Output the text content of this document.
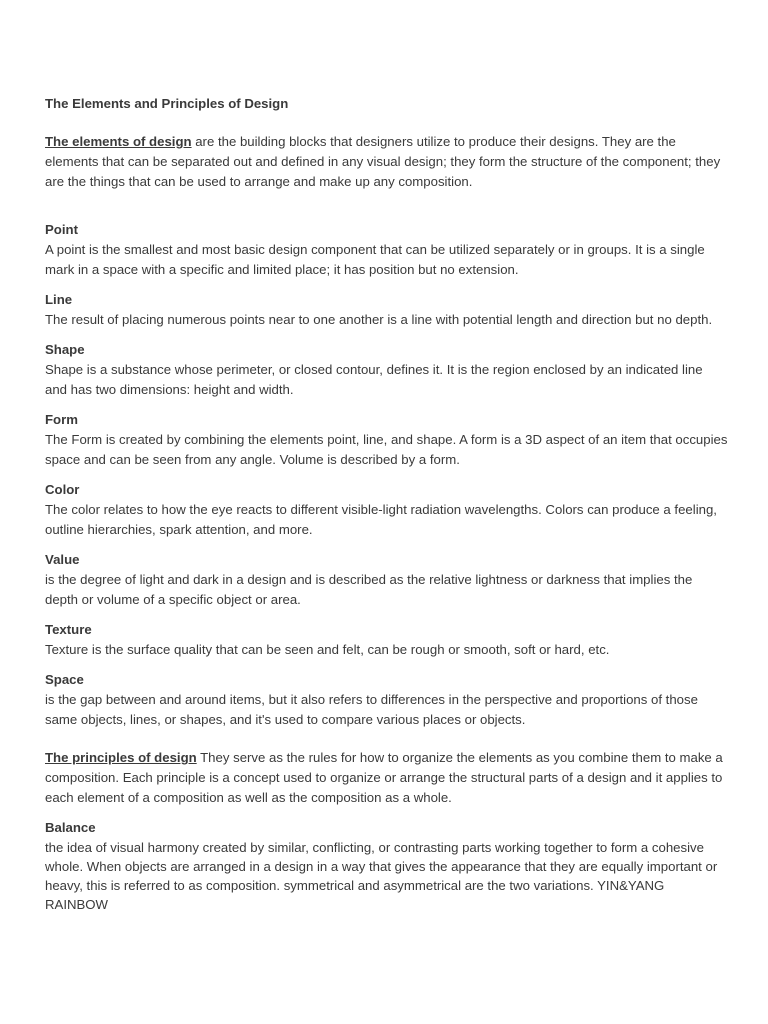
The Elements and Principles of Design

The elements of design are the building blocks that designers utilize to produce their designs. They are the elements that can be separated out and defined in any visual design; they form the structure of the component; they are the things that can be used to arrange and make up any composition.

Point

A point is the smallest and most basic design component that can be utilized separately or in groups. It is a single mark in a space with a specific and limited place; it has position but no extension.

Line

The result of placing numerous points near to one another is a line with potential length and direction but no depth.

Shape

Shape is a substance whose perimeter, or closed contour, defines it. It is the region enclosed by an indicated line and has two dimensions: height and width.

Form

The Form is created by combining the elements point, line, and shape. A form is a 3D aspect of an item that occupies space and can be seen from any angle. Volume is described by a form.

Color

The color relates to how the eye reacts to different visible-light radiation wavelengths. Colors can produce a feeling, outline hierarchies, spark attention, and more.

Value

is the degree of light and dark in a design and is described as the relative lightness or darkness that implies the depth or volume of a specific object or area.

Texture

Texture is the surface quality that can be seen and felt, can be rough or smooth, soft or hard, etc.

Space

is the gap between and around items, but it also refers to differences in the perspective and proportions of those same objects, lines, or shapes, and it's used to compare various places or objects.

The principles of design They serve as the rules for how to organize the elements as you combine them to make a composition. Each principle is a concept used to organize or arrange the structural parts of a design and it applies to each element of a composition as well as the composition as a whole.

Balance

the idea of visual harmony created by similar, conflicting, or contrasting parts working together to form a cohesive whole. When objects are arranged in a design in a way that gives the appearance that they are equally important or heavy, this is referred to as composition. symmetrical and asymmetrical are the two variations. YIN&YANG RAINBOW
